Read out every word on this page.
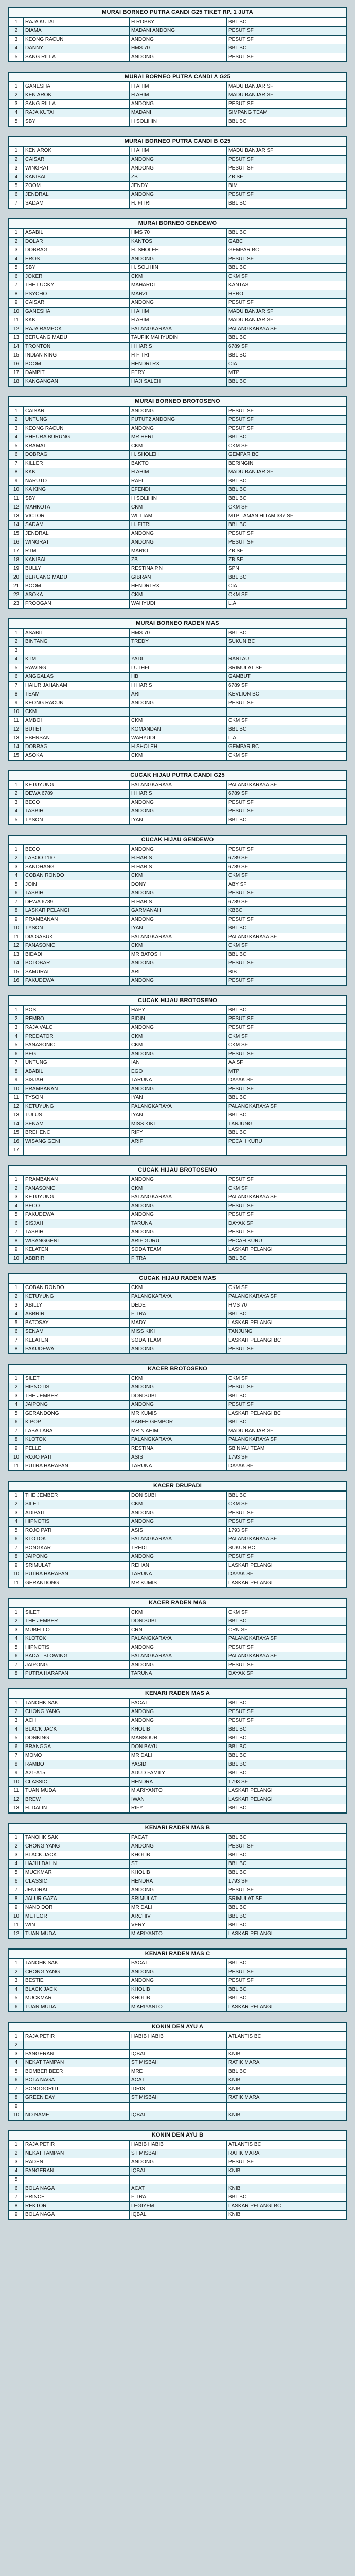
MURAI BORNEO PUTRA CANDI G25 TIKET RP. 1 JUTA
1	RAJA KUTAI	H ROBBY	BBL BC
2	DIAMA	MADANI ANDONG	PESUT SF
3	KEONG RACUN	ANDONG	PESUT SF
4	DANNY	HMS 70	BBL BC
5	SANG RILLA	ANDONG	PESUT SF
MURAI BORNEO PUTRA CANDI A G25
1	GANESHA	H AHIM	MADU BANJAR SF
2	KEN AROK	H AHIM	MADU BANJAR SF
3	SANG RILLA	ANDONG	PESUT SF
4	RAJA KUTAI	MADANI	SIMPANG TEAM
5	SBY	H SOLIHIN	BBL BC
MURAI BORNEO PUTRA CANDI B G25
1	KEN AROK	H AHIM	MADU BANJAR SF
2	CAISAR	ANDONG	PESUT SF
3	WINGRAT	ANDONG	PESUT SF
4	KANIBAL	ZB	ZB SF
5	ZOOM	JENDY	BIM
6	JENDRAL	ANDONG	PESUT SF
7	SADAM	H. FITRI	BBL BC
MURAI BORNEO GENDEWO
1	ASABIL	HMS 70	BBL BC
2	DOLAR	KANTOS	GABC
3	DOBRAG	H. SHOLEH	GEMPAR BC
4	EROS	ANDONG	PESUT SF
5	SBY	H. SOLIHIN	BBL BC
6	JOKER	CKM	CKM SF
7	THE LUCKY	MAHARDI	KANTAS
8	PSYCHO	MARZI	HERO
9	CAISAR	ANDONG	PESUT SF
10	GANESHA	H AHIM	MADU BANJAR SF
11	KKK	H AHIM	MADU BANJAR SF
12	RAJA RAMPOK	PALANGKARAYA	PALANGKARAYA SF
13	BERUANG MADU	TAUFIK MAHYUDIN	BBL BC
14	TRONTON	H HARIS	6789 SF
15	INDIAN KING	H FITRI	BBL BC
16	BOOM	HENDRI RX	CIA
17	DAMPIT	FERY	MTP
18	KANGANGAN	HAJI SALEH	BBL BC
MURAI BORNEO BROTOSENO
1	CAISAR	ANDONG	PESUT SF
2	UNTUNG	PUTUT2 ANDONG	PESUT SF
3	KEONG RACUN	ANDONG	PESUT SF
4	PHEURA BURUNG	MR HERI	BBL BC
5	KRAMAT	CKM	CKM SF
6	DOBRAG	H. SHOLEH	GEMPAR BC
7	KILLER	BAKTO	BERINGIN
8	KKK	H AHIM	MADU BANJAR SF
9	NARUTO	RAFI	BBL BC
10	KA KING	EFENDI	BBL BC
11	SBY	H SOLIHIN	BBL BC
12	MAHKOTA	CKM	CKM SF
13	VICTOR	WILLIAM	MTP TAMAN HITAM 337 SF
14	SADAM	H. FITRI	BBL BC
15	JENDRAL	ANDONG	PESUT SF
16	WINGRAT	ANDONG	PESUT SF
17	RTM	MARIO	ZB SF
18	KANIBAL	ZB	ZB SF
19	BULLY	RESTINA P.N	SPN
20	BERUANG MADU	GIBRAN	BBL BC
21	BOOM	HENDRI RX	CIA
22	ASOKA	CKM	CKM SF
23	FROOGAN	WAHYUDI	L.A
MURAI BORNEO RADEN MAS
1	ASABIL	HMS 70	BBL BC
2	BINTANG	TREDY	SUKUN BC
3
4	KTM	YADI	RANTAU
5	RAWING	LUTHFI	SRIMULAT SF
6	ANGGALAS	HB	GAMBUT
7	HAIUR JAHANAM	H HARIS	6789 SF
8	TEAM	ARI	KEVLION BC
9	KEONG RACUN	ANDONG	PESUT SF
10	CKM
11	AMBOI	CKM	CKM SF
12	BUTET	KOMANDAN	BBL BC
13	EBENSAN	WAHYUDI	L.A
14	DOBRAG	H SHOLEH	GEMPAR BC
15	ASOKA	CKM	CKM SF
CUCAK HIJAU PUTRA CANDI G25
1	KETUYUNG	PALANGKARAYA	PALANGKARAYA SF
2	DEWA 6789	H HARIS	6789 SF
3	BECO	ANDONG	PESUT SF
4	TASBIH	ANDONG	PESUT SF
5	TYSON	IYAN	BBL BC
CUCAK HIJAU GENDEWO
1	BECO	ANDONG	PESUT SF
2	LABOO 1167	H.HARIS	6789 SF
3	SANDHANG	H HARIS	6789 SF
4	COBAN RONDO	CKM	CKM SF
5	JOIN	DONY	ABY SF
6	TASBIH	ANDONG	PESUT SF
7	DEWA 6789	H HARIS	6789 SF
8	LASKAR PELANGI	GARMANAH	KBBC
9	PRAMBANAN	ANDONG	PESUT SF
10	TYSON	IYAN	BBL BC
11	DIA GABUK	PALANGKARAYA	PALANGKARAYA SF
12	PANASONIC	CKM	CKM SF
13	BIDADI	MR BATOSH	BBL BC
14	BOLOBAR	ANDONG	PESUT SF
15	SAMURAI	ARI	BIB
16	PAKUDEWA	ANDONG	PESUT SF
CUCAK HIJAU BROTOSENO
1	BOS	HAPY	BBL BC
2	REMBO	BIDIN	PESUT SF
3	RAJA VALC	ANDONG	PESUT SF
4	PREDATOR	CKM	CKM SF
5	PANASONIC	CKM	CKM SF
6	BEGI	ANDONG	PESUT SF
7	UNTUNG	IAN	AA SF
8	ABABIL	EGO	MTP
9	SISJAH	TARUNA	DAYAK SF
10	PRAMBANAN	ANDONG	PESUT SF
11	TYSON	IYAN	BBL BC
12	KETUYUNG	PALANGKARAYA	PALANGKARAYA SF
13	TULUS	IYAN	BBL BC
14	SENAM	MISS KIKI	TANJUNG
15	BREHENC	RIFY	BBL BC
16	WISANG GENI	ARIF	PECAH KURU
17
CUCAK HIJAU BROTOSENO
1	PRAMBANAN	ANDONG	PESUT SF
2	PANASONIC	CKM	CKM SF
3	KETUYUNG	PALANGKARAYA	PALANGKARAYA SF
4	BECO	ANDONG	PESUT SF
5	PAKUDEWA	ANDONG	PESUT SF
6	SISJAH	TARUNA	DAYAK SF
7	TASBIH	ANDONG	PESUT SF
8	WISANGGENI	ARIF GURU	PECAH KURU
9	KELATEN	SODA TEAM	LASKAR PELANGI
10	ABBRIR	FITRA	BBL BC
CUCAK HIJAU RADEN MAS
1	COBAN RONDO	CKM	CKM SF
2	KETUYUNG	PALANGKARAYA	PALANGKARAYA SF
3	ABILLY	DEDE	HMS 70
4	ABBRIR	FITRA	BBL BC
5	BATOSAY	MADY	LASKAR PELANGI
6	SENAM	MISS KIKI	TANJUNG
7	KELATEN	SODA TEAM	LASKAR PELANGI BC
8	PAKUDEWA	ANDONG	PESUT SF
KACER BROTOSENO
1	SILET	CKM	CKM SF
2	HIPNOTIS	ANDONG	PESUT SF
3	THE JEMBER	DON SUBI	BBL BC
4	JAIPONG	ANDONG	PESUT SF
5	GERANDONG	MR KUMIS	LASKAR PELANGI BC
6	K POP	BABEH GEMPOR	BBL BC
7	LABA LABA	MR N AHIM	MADU BANJAR SF
8	KLOTOK	PALANGKARAYA	PALANGKARAYA SF
9	PELLE	RESTINA	SB NIAU TEAM
10	ROJO PATI	ASIS	1793 SF
11	PUTRA HARAPAN	TARUNA	DAYAK SF
KACER DRUPADI
1	THE JEMBER	DON SUBI	BBL BC
2	SILET	CKM	CKM SF
3	ADIPATI	ANDONG	PESUT SF
4	HIPNOTIS	ANDONG	PESUT SF
5	ROJO PATI	ASIS	1793 SF
6	KLOTOK	PALANGKARAYA	PALANGKARAYA SF
7	BONGKAR	TREDI	SUKUN BC
8	JAIPONG	ANDONG	PESUT SF
9	SRIMULAT	REHAN	LASKAR PELANGI
10	PUTRA HARAPAN	TARUNA	DAYAK SF
11	GERANDONG	MR KUMIS	LASKAR PELANGI
KACER RADEN MAS
1	SILET	CKM	CKM SF
2	THE JEMBER	DON SUBI	BBL BC
3	MUBELLO	CRN	CRN SF
4	KLOTOK	PALANGKARAYA	PALANGKARAYA SF
5	HIPNOTIS	ANDONG	PESUT SF
6	BADAL BLOWING	PALANGKARAYA	PALANGKARAYA SF
7	JAIPONG	ANDONG	PESUT SF
8	PUTRA HARAPAN	TARUNA	DAYAK SF
KENARI RADEN MAS A
1	TANOHK SAK	PACAT	BBL BC
2	CHONG YANG	ANDONG	PESUT SF
3	ACH	ANDONG	PESUT SF
4	BLACK JACK	KHOLIB	BBL BC
5	DONKING	MANSOURI	BBL BC
6	BRANGGA	DON BAYU	BBL BC
7	MOMO	MR DALI	BBL BC
8	RAMBO	YASID	BBL BC
9	A21-A15	ADUD FAMILY	BBL BC
10	CLASSIC	HENDRA	1793 SF
11	TUAN MUDA	M ARIYANTO	LASKAR PELANGI
12	BREW	IWAN	LASKAR PELANGI
13	H. DALIN	RIFY	BBL BC
KENARI RADEN MAS B
1	TANOHK SAK	PACAT	BBL BC
2	CHONG YANG	ANDONG	PESUT SF
3	BLACK JACK	KHOLIB	BBL BC
4	HAJIH DALIN	ST	BBL BC
5	MUCKMAR	KHOLIB	BBL BC
6	CLASSIC	HENDRA	1793 SF
7	JENDRAL	ANDONG	PESUT SF
8	JALUR GAZA	SRIMULAT	SRIMULAT SF
9	NAND DOR	MR DALI	BBL BC
10	METEOR	ARCHIV	BBL BC
11	WIN	VERY	BBL BC
12	TUAN MUDA	M ARIYANTO	LASKAR PELANGI
KENARI RADEN MAS C
1	TANOHK SAK	PACAT	BBL BC
2	CHONG YANG	ANDONG	PESUT SF
3	BESTIE	ANDONG	PESUT SF
4	BLACK JACK	KHOLIB	BBL BC
5	MUCKMAR	KHOLIB	BBL BC
6	TUAN MUDA	M ARIYANTO	LASKAR PELANGI
KONIN DEN AYU A
1	RAJA PETIR	HABIB HABIB	ATLANTIS BC
2
3	PANGERAN	IQBAL	KNIB
4	NEKAT TAMPAN	ST MISBAH	RATIK MARA
5	BOMBER BEER	MRE	BBL BC
6	BOLA NAGA	ACAT	KNIB
7	SONGGORITI	IDRIS	KNIB
8	GREEN DAY	ST MISBAH	RATIK MARA
9
10	NO NAME	IQBAL	KNIB
KONIN DEN AYU B
1	RAJA PETIR	HABIB HABIB	ATLANTIS BC
2	NEKAT TAMPAN	ST MISBAH	RATIK MARA
3	RADEN	ANDONG	PESUT SF
4	PANGERAN	IQBAL	KNIB
5
6	BOLA NAGA	ACAT	KNIB
7	PRINCE	FITRA	BBL BC
8	REKTOR	LEGIYEM	LASKAR PELANGI BC
9	BOLA NAGA	IQBAL	KNIB
